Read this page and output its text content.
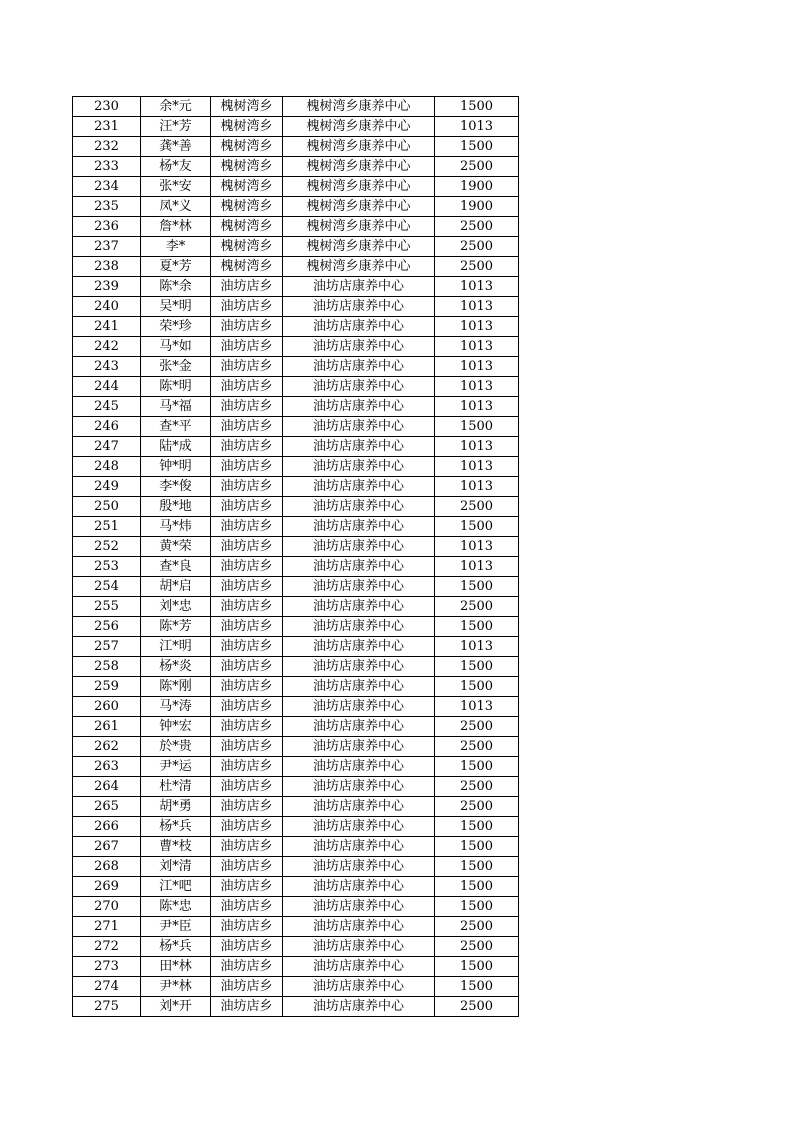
230	余*元	槐树湾乡	槐树湾乡康养中心	1500
231	汪*芳	槐树湾乡	槐树湾乡康养中心	1013
232	龚*善	槐树湾乡	槐树湾乡康养中心	1500
233	杨*友	槐树湾乡	槐树湾乡康养中心	2500
234	张*安	槐树湾乡	槐树湾乡康养中心	1900
235	凤*义	槐树湾乡	槐树湾乡康养中心	1900
236	詹*林	槐树湾乡	槐树湾乡康养中心	2500
237	李*	槐树湾乡	槐树湾乡康养中心	2500
238	夏*芳	槐树湾乡	槐树湾乡康养中心	2500
239	陈*余	油坊店乡	油坊店康养中心	1013
240	吴*明	油坊店乡	油坊店康养中心	1013
241	荣*珍	油坊店乡	油坊店康养中心	1013
242	马*如	油坊店乡	油坊店康养中心	1013
243	张*金	油坊店乡	油坊店康养中心	1013
244	陈*明	油坊店乡	油坊店康养中心	1013
245	马*福	油坊店乡	油坊店康养中心	1013
246	查*平	油坊店乡	油坊店康养中心	1500
247	陆*成	油坊店乡	油坊店康养中心	1013
248	钟*明	油坊店乡	油坊店康养中心	1013
249	李*俊	油坊店乡	油坊店康养中心	1013
250	殷*地	油坊店乡	油坊店康养中心	2500
251	马*炜	油坊店乡	油坊店康养中心	1500
252	黄*荣	油坊店乡	油坊店康养中心	1013
253	查*良	油坊店乡	油坊店康养中心	1013
254	胡*启	油坊店乡	油坊店康养中心	1500
255	刘*忠	油坊店乡	油坊店康养中心	2500
256	陈*芳	油坊店乡	油坊店康养中心	1500
257	江*明	油坊店乡	油坊店康养中心	1013
258	杨*炎	油坊店乡	油坊店康养中心	1500
259	陈*刚	油坊店乡	油坊店康养中心	1500
260	马*涛	油坊店乡	油坊店康养中心	1013
261	钟*宏	油坊店乡	油坊店康养中心	2500
262	於*贵	油坊店乡	油坊店康养中心	2500
263	尹*运	油坊店乡	油坊店康养中心	1500
264	杜*清	油坊店乡	油坊店康养中心	2500
265	胡*勇	油坊店乡	油坊店康养中心	2500
266	杨*兵	油坊店乡	油坊店康养中心	1500
267	曹*枝	油坊店乡	油坊店康养中心	1500
268	刘*清	油坊店乡	油坊店康养中心	1500
269	江*吧	油坊店乡	油坊店康养中心	1500
270	陈*忠	油坊店乡	油坊店康养中心	1500
271	尹*臣	油坊店乡	油坊店康养中心	2500
272	杨*兵	油坊店乡	油坊店康养中心	2500
273	田*林	油坊店乡	油坊店康养中心	1500
274	尹*林	油坊店乡	油坊店康养中心	1500
275	刘*开	油坊店乡	油坊店康养中心	2500
